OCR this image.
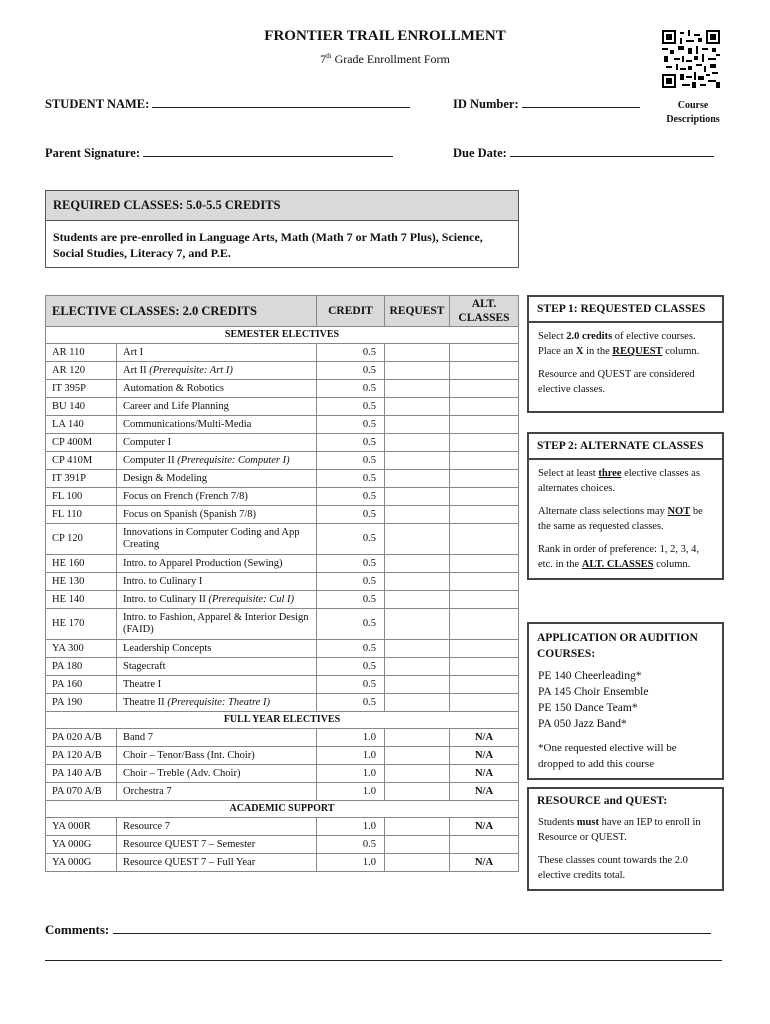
FRONTIER TRAIL ENROLLMENT
7th Grade Enrollment Form
Course Descriptions
STUDENT NAME:	ID Number:
Parent Signature:	Due Date:
REQUIRED CLASSES: 5.0-5.5 CREDITS
Students are pre-enrolled in Language Arts, Math (Math 7 or Math 7 Plus), Science, Social Studies, Literacy 7, and P.E.
ELECTIVE CLASSES: 2.0 CREDITS		CREDIT	REQUEST	ALT. CLASSES
SEMESTER ELECTIVES				
AR 110	Art I	0.5		
AR 120	Art II (Prerequisite: Art I)	0.5		
IT 395P	Automation & Robotics	0.5		
BU 140	Career and Life Planning	0.5		
LA 140	Communications/Multi-Media	0.5		
CP 400M	Computer I	0.5		
CP 410M	Computer II (Prerequisite: Computer I)	0.5		
IT 391P	Design & Modeling	0.5		
FL 100	Focus on French (French 7/8)	0.5		
FL 110	Focus on Spanish (Spanish 7/8)	0.5		
CP 120	Innovations in Computer Coding and App Creating	0.5		
HE 160	Intro. to Apparel Production (Sewing)	0.5		
HE 130	Intro. to Culinary I	0.5		
HE 140	Intro. to Culinary II (Prerequisite: Cul I)	0.5		
HE 170	Intro. to Fashion, Apparel & Interior Design (FAID)	0.5		
YA 300	Leadership Concepts	0.5		
PA 180	Stagecraft	0.5		
PA 160	Theatre I	0.5		
PA 190	Theatre II (Prerequisite: Theatre I)	0.5		
FULL YEAR ELECTIVES				
PA 020 A/B	Band 7	1.0		N/A
PA 120 A/B	Choir – Tenor/Bass (Int. Choir)	1.0		N/A
PA 140 A/B	Choir – Treble (Adv. Choir)	1.0		N/A
PA 070 A/B	Orchestra 7	1.0		N/A
ACADEMIC SUPPORT				
YA 000R	Resource 7	1.0		N/A
YA 000G	Resource QUEST 7 – Semester	0.5		
YA 000G	Resource QUEST 7 – Full Year	1.0		N/A
STEP 1: REQUESTED CLASSES

Select 2.0 credits of elective courses. Place an X in the REQUEST column.

Resource and QUEST are considered elective classes.

STEP 2: ALTERNATE CLASSES

Select at least three elective classes as alternates choices.

Alternate class selections may NOT be the same as requested classes.

Rank in order of preference: 1, 2, 3, 4, etc. in the ALT. CLASSES column.

APPLICATION OR AUDITION COURSES:
PE 140 Cheerleading*
PA 145 Choir Ensemble
PE 150 Dance Team*
PA 050 Jazz Band*
*One requested elective will be dropped to add this course
RESOURCE and QUEST:

Students must have an IEP to enroll in Resource or QUEST.

These classes count towards the 2.0 elective credits total.

Comments:
